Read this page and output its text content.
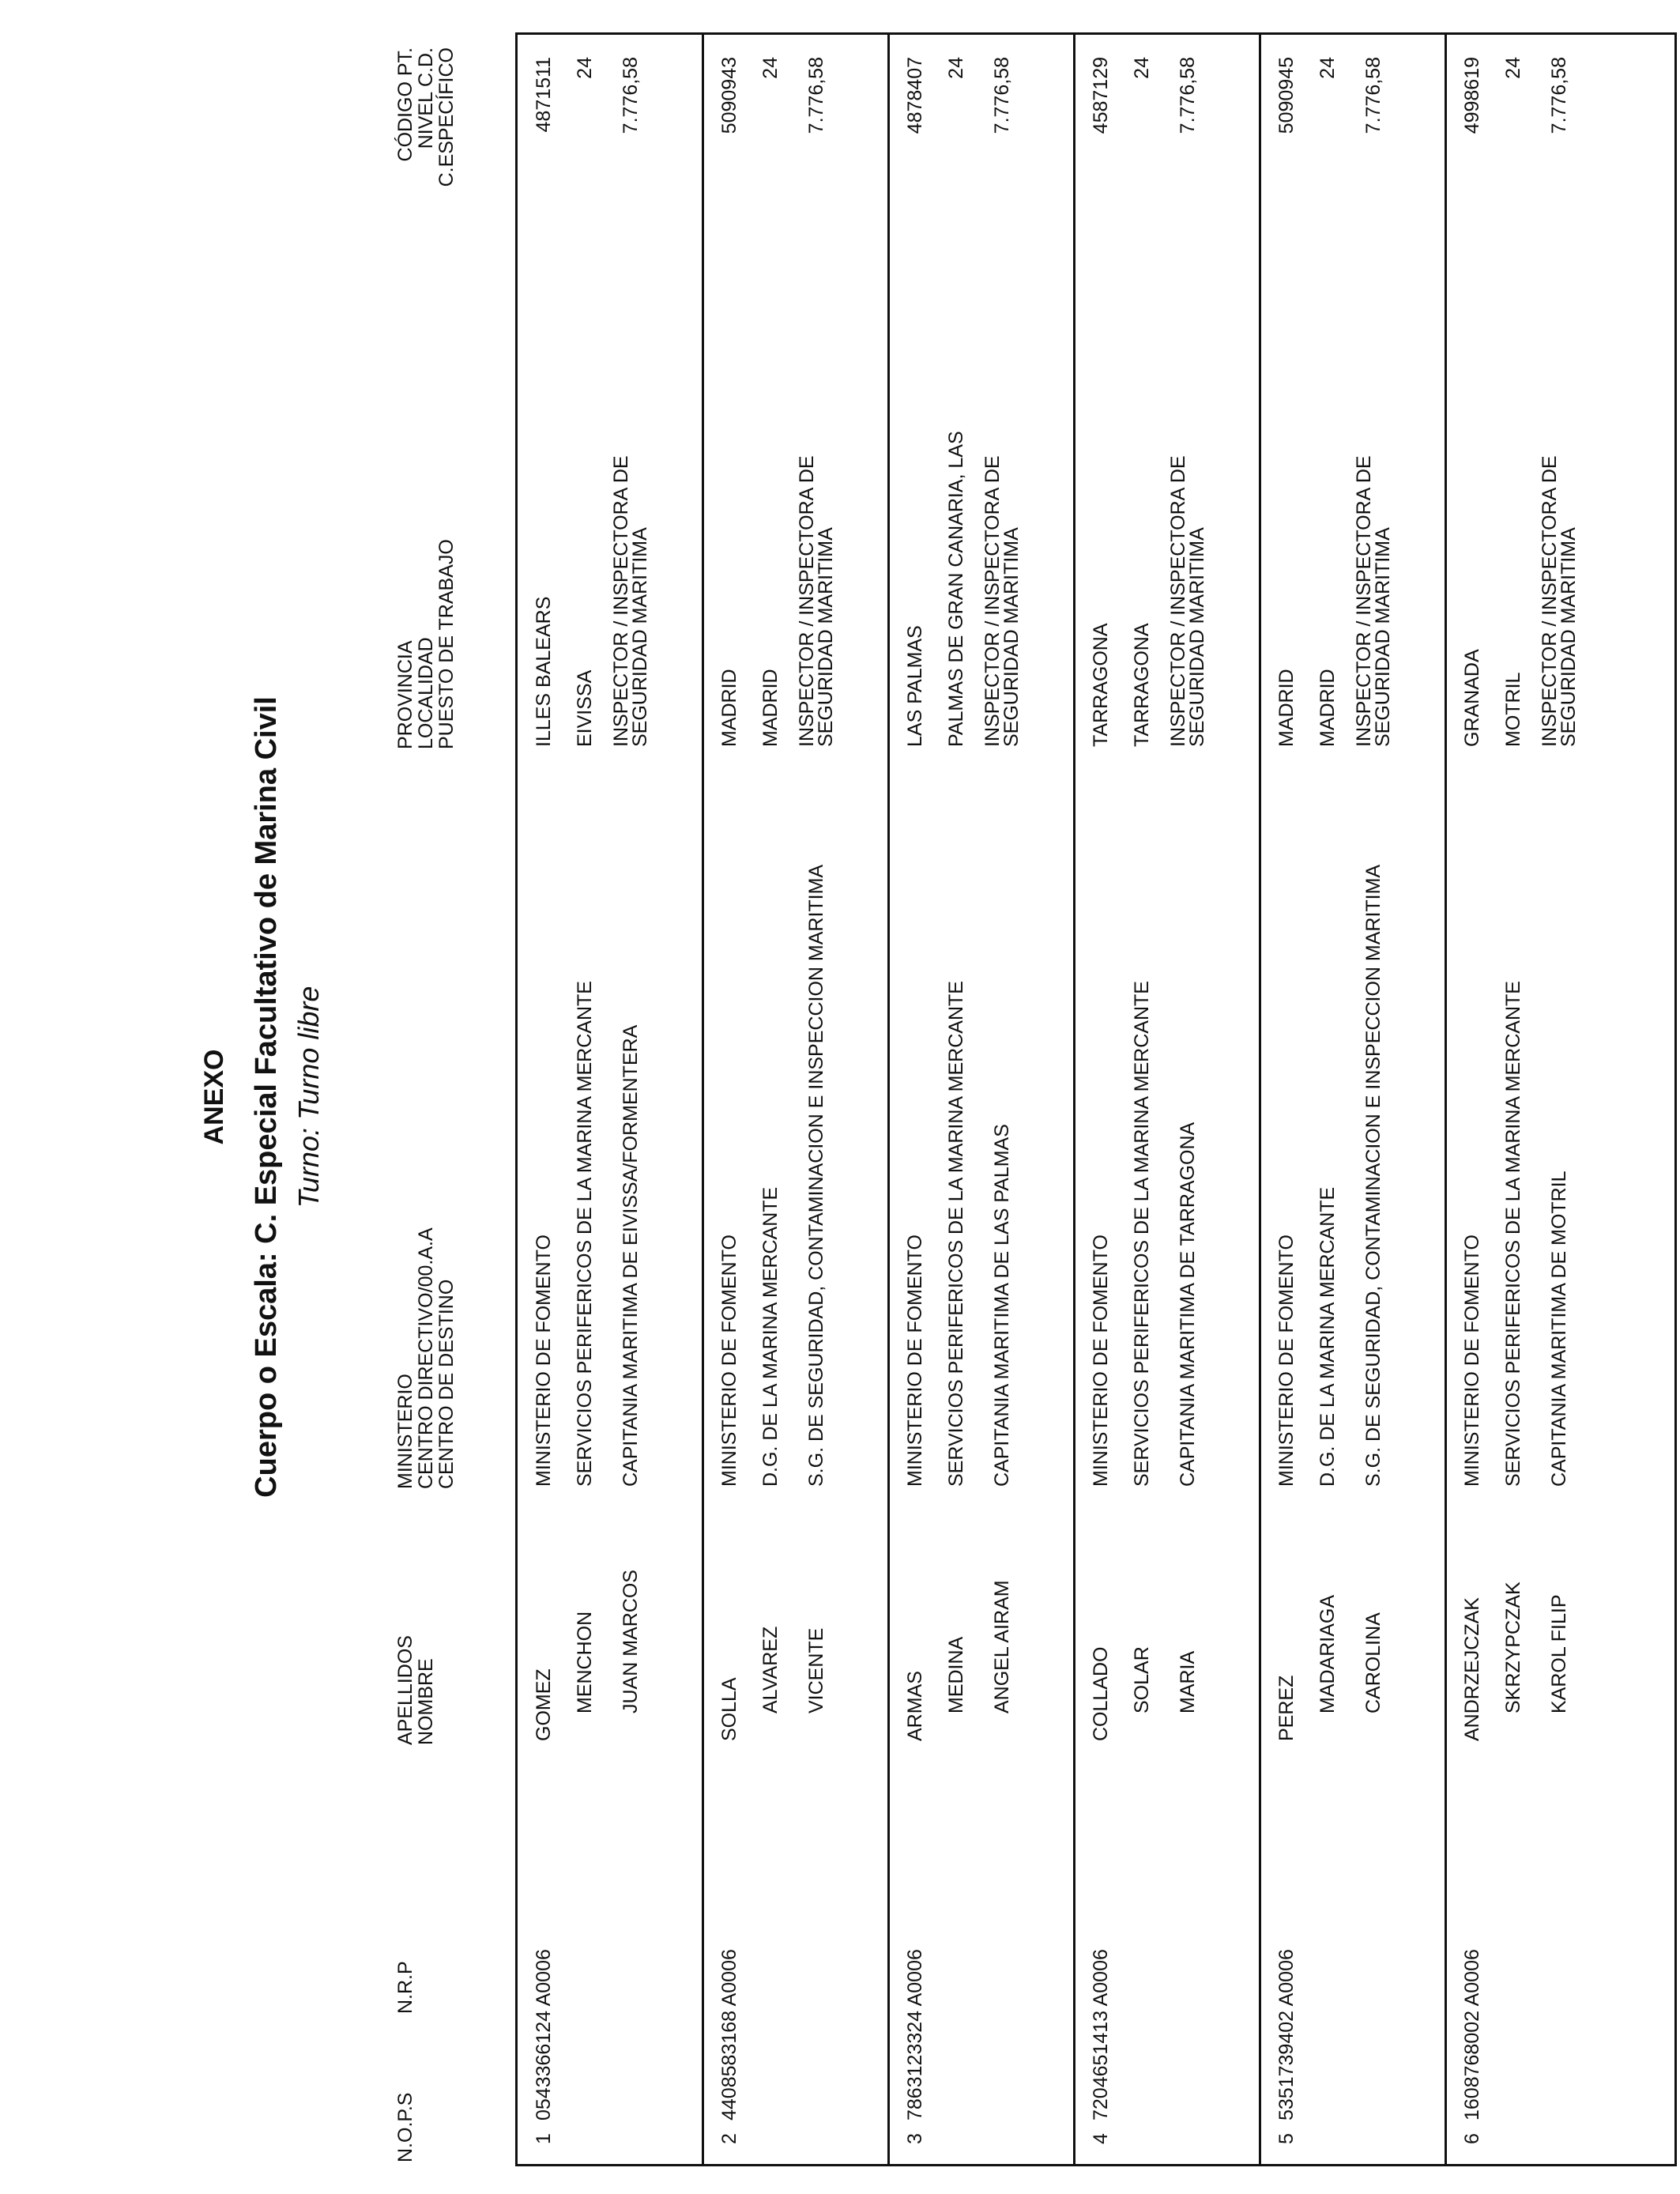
ANEXO Cuerpo o Escala: C. Especial Facultativo de Marina Civil Turno: Turno libre
N.O.P.S
N.R.P
APELLIDOS
NOMBRE
MINISTERIO
CENTRO DIRECTIVO/00.A.A
CENTRO DE DESTINO
PROVINCIA
LOCALIDAD
PUESTO DE TRABAJO
CÓDIGO PT.
NIVEL C.D.
C.ESPECÍFICO
1
0543366124 A0006
GOMEZ MENCHON JUAN MARCOS
MINISTERIO DE FOMENTO SERVICIOS PERIFERICOS DE LA MARINA MERCANTE CAPITANIA MARITIMA DE EIVISSA/FORMENTERA
ILLES BALEARS EIVISSA INSPECTOR / INSPECTORA DE
SEGURIDAD MARITIMA
4871511 24 7.776,58
2
4408583168 A0006
SOLLA ALVAREZ VICENTE
MINISTERIO DE FOMENTO D.G. DE LA MARINA MERCANTE S.G. DE SEGURIDAD, CONTAMINACION E INSPECCION MARITIMA
MADRID MADRID INSPECTOR / INSPECTORA DE
SEGURIDAD MARITIMA
5090943 24 7.776,58
3
7863123324 A0006
ARMAS MEDINA ANGEL AIRAM
MINISTERIO DE FOMENTO SERVICIOS PERIFERICOS DE LA MARINA MERCANTE CAPITANIA MARITIMA DE LAS PALMAS
LAS PALMAS PALMAS DE GRAN CANARIA, LAS INSPECTOR / INSPECTORA DE
SEGURIDAD MARITIMA
4878407 24 7.776,58
4
7204651413 A0006
COLLADO SOLAR MARIA
MINISTERIO DE FOMENTO SERVICIOS PERIFERICOS DE LA MARINA MERCANTE CAPITANIA MARITIMA DE TARRAGONA
TARRAGONA TARRAGONA INSPECTOR / INSPECTORA DE
SEGURIDAD MARITIMA
4587129 24 7.776,58
5
5351739402 A0006
PEREZ MADARIAGA CAROLINA
MINISTERIO DE FOMENTO D.G. DE LA MARINA MERCANTE S.G. DE SEGURIDAD, CONTAMINACION E INSPECCION MARITIMA
MADRID MADRID INSPECTOR / INSPECTORA DE
SEGURIDAD MARITIMA
5090945 24 7.776,58
6
1608768002 A0006
ANDRZEJCZAK SKRZYPCZAK KAROL FILIP
MINISTERIO DE FOMENTO SERVICIOS PERIFERICOS DE LA MARINA MERCANTE CAPITANIA MARITIMA DE MOTRIL
GRANADA MOTRIL INSPECTOR / INSPECTORA DE
SEGURIDAD MARITIMA
4998619 24 7.776,58
